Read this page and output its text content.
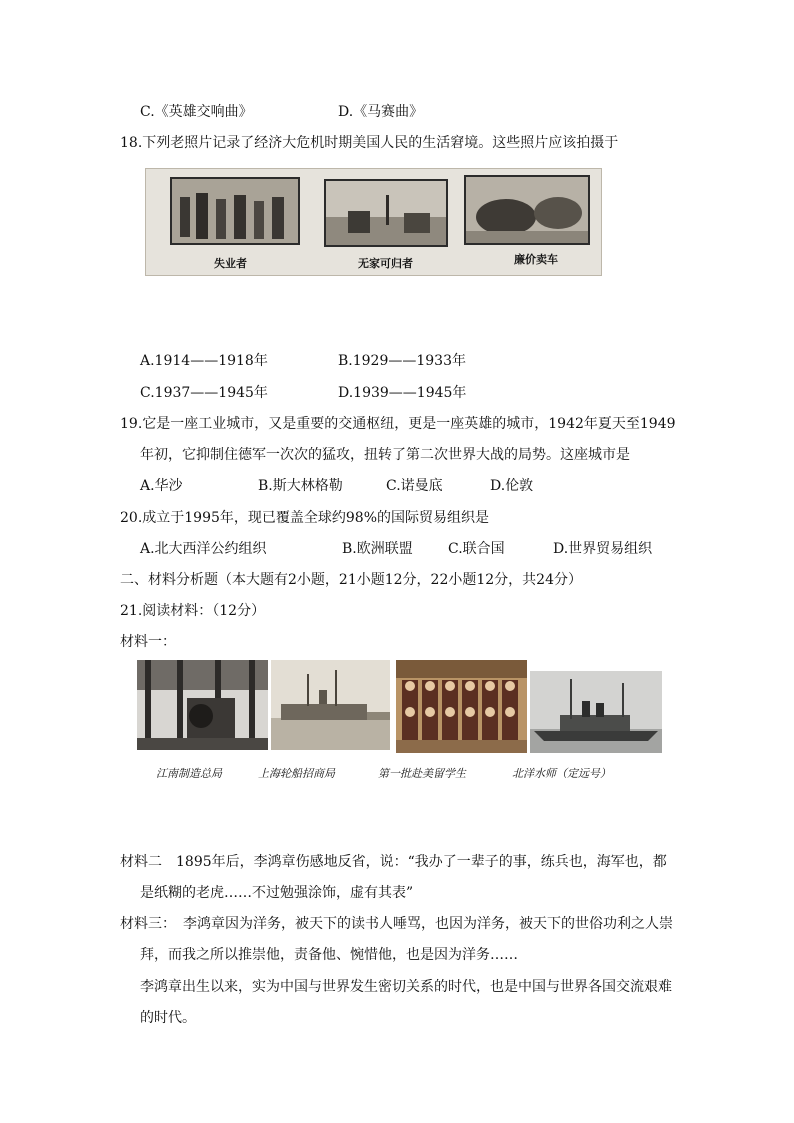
C.《英雄交响曲》	D.《马赛曲》
18.下列老照片记录了经济大危机时期美国人民的生活窘境。这些照片应该拍摄于
失业者	无家可归者	廉价卖车
A.1914——1918年	B.1929——1933年
C.1937——1945年	D.1939——1945年
19.它是一座工业城市，又是重要的交通枢纽，更是一座英雄的城市，1942年夏天至1949
年初，它抑制住德军一次次的猛攻，扭转了第二次世界大战的局势。这座城市是
A.华沙	B.斯大林格勒	C.诺曼底	D.伦敦
20.成立于1995年，现已覆盖全球约98%的国际贸易组织是
A.北大西洋公约组织	B.欧洲联盟	C.联合国	D.世界贸易组织
二、材料分析题（本大题有2小题，21小题12分，22小题12分，共24分）
21.阅读材料：（12分）
材料一：
江南制造总局	上海轮船招商局	第一批赴美留学生	北洋水师（定远号）
材料二　1895年后，李鸿章伤感地反省，说：“我办了一辈子的事，练兵也，海军也，都
是纸糊的老虎……不过勉强涂饰，虚有其表”
材料三：　李鸿章因为洋务，被天下的读书人唾骂，也因为洋务，被天下的世俗功利之人崇
拜，而我之所以推崇他，责备他、惋惜他，也是因为洋务……
李鸿章出生以来，实为中国与世界发生密切关系的时代，也是中国与世界各国交流艰难
的时代。
